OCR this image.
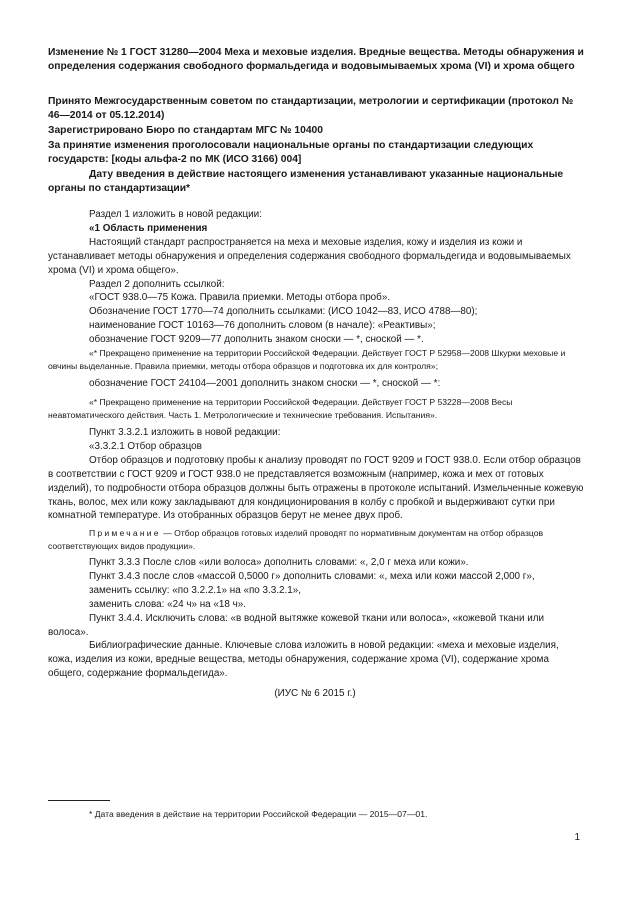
Изменение № 1 ГОСТ 31280—2004 Меха и меховые изделия. Вредные вещества. Методы обнаружения и определения содержания свободного формальдегида и водовымываемых хрома (VI) и хрома общего

Принято Межгосударственным советом по стандартизации, метрологии и сертификации (протокол № 46—2014 от 05.12.2014)

Зарегистрировано Бюро по стандартам МГС № 10400

За принятие изменения проголосовали национальные органы по стандартизации следующих государств: [коды альфа-2 по МК (ИСО 3166) 004]

Дату введения в действие настоящего изменения устанавливают указанные национальные органы по стандартизации*

Раздел 1 изложить в новой редакции:

«1 Область применения

Настоящий стандарт распространяется на меха и меховые изделия, кожу и изделия из кожи и устанавливает методы обнаружения и определения содержания свободного формальдегида и водовымываемых хрома (VI) и хрома общего».

Раздел 2 дополнить ссылкой:

«ГОСТ 938.0—75 Кожа. Правила приемки. Методы отбора проб».

Обозначение ГОСТ 1770—74 дополнить ссылками: (ИСО 1042—83, ИСО 4788—80);

наименование ГОСТ 10163—76 дополнить словом (в начале): «Реактивы»;

обозначение ГОСТ 9209—77 дополнить знаком сноски — *, сноской — *.

«* Прекращено применение на территории Российской Федерации. Действует ГОСТ Р 52958—2008 Шкурки меховые и овчины выделанные. Правила приемки, методы отбора образцов и подготовка их для контроля»;

обозначение ГОСТ 24104—2001 дополнить знаком сноски — *, сноской — *:

«* Прекращено применение на территории Российской Федерации. Действует ГОСТ Р 53228—2008 Весы неавтоматического действия. Часть 1. Метрологические и технические требования. Испытания».

Пункт 3.3.2.1 изложить в новой редакции:

«3.3.2.1 Отбор образцов

Отбор образцов и подготовку пробы к анализу проводят по ГОСТ 9209 и ГОСТ 938.0. Если отбор образцов в соответствии с ГОСТ 9209 и ГОСТ 938.0 не представляется возможным (например, кожа и мех от готовых изделий), то подробности отбора образцов должны быть отражены в протоколе испытаний. Измельченные кожевую ткань, волос, мех или кожу закладывают для кондиционирования в колбу с пробкой и выдерживают сутки при комнатной температуре. Из отобранных образцов берут не менее двух проб.

Примечание — Отбор образцов готовых изделий проводят по нормативным документам на отбор образцов соответствующих видов продукции».

Пункт 3.3.3 После слов «или волоса» дополнить словами: «, 2,0 г меха или кожи».

Пункт 3.4.3 после слов «массой 0,5000 г» дополнить словами: «, меха или кожи массой 2,000 г»,

заменить ссылку: «по 3.2.2.1» на «по 3.3.2.1»,

заменить слова: «24 ч» на «18 ч».

Пункт 3.4.4. Исключить слова: «в водной вытяжке кожевой ткани или волоса», «кожевой ткани или волоса».

Библиографические данные. Ключевые слова изложить в новой редакции: «меха и меховые изделия, кожа, изделия из кожи, вредные вещества, методы обнаружения, содержание хрома (VI), содержание хрома общего, содержание формальдегида».

(ИУС № 6 2015 г.)

* Дата введения в действие на территории Российской Федерации — 2015—07—01.

1
